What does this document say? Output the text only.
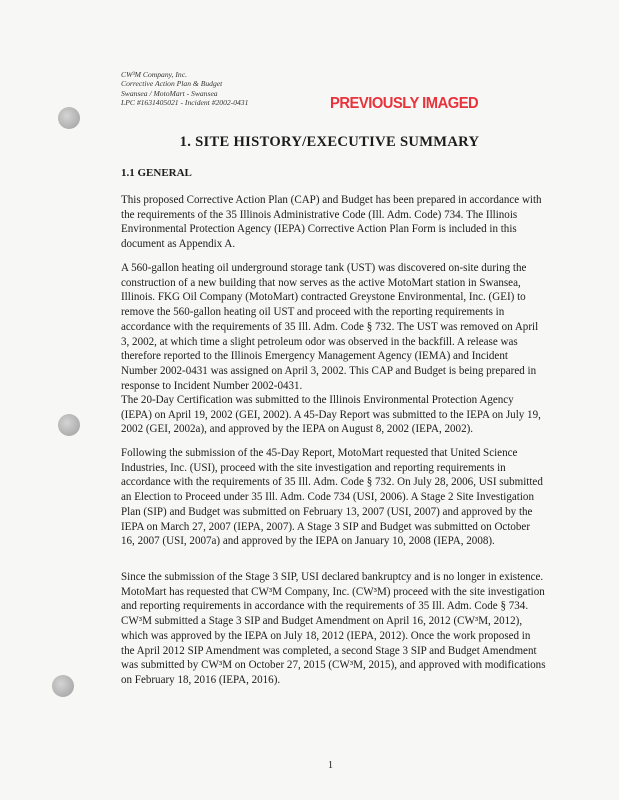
CW³M Company, Inc.
Corrective Action Plan & Budget
Swansea / MotoMart - Swansea
LPC #1631405021 - Incident #2002-0431	PREVIOUSLY IMAGED
1. SITE HISTORY/EXECUTIVE SUMMARY
1.1 GENERAL
This proposed Corrective Action Plan (CAP) and Budget has been prepared in accordance with the requirements of the 35 Illinois Administrative Code (Ill. Adm. Code) 734. The Illinois Environmental Protection Agency (IEPA) Corrective Action Plan Form is included in this document as Appendix A.
A 560-gallon heating oil underground storage tank (UST) was discovered on-site during the construction of a new building that now serves as the active MotoMart station in Swansea, Illinois. FKG Oil Company (MotoMart) contracted Greystone Environmental, Inc. (GEI) to remove the 560-gallon heating oil UST and proceed with the reporting requirements in accordance with the requirements of 35 Ill. Adm. Code § 732. The UST was removed on April 3, 2002, at which time a slight petroleum odor was observed in the backfill. A release was therefore reported to the Illinois Emergency Management Agency (IEMA) and Incident Number 2002-0431 was assigned on April 3, 2002. This CAP and Budget is being prepared in response to Incident Number 2002-0431.
The 20-Day Certification was submitted to the Illinois Environmental Protection Agency (IEPA) on April 19, 2002 (GEI, 2002). A 45-Day Report was submitted to the IEPA on July 19, 2002 (GEI, 2002a), and approved by the IEPA on August 8, 2002 (IEPA, 2002).
Following the submission of the 45-Day Report, MotoMart requested that United Science Industries, Inc. (USI), proceed with the site investigation and reporting requirements in accordance with the requirements of 35 Ill. Adm. Code § 732. On July 28, 2006, USI submitted an Election to Proceed under 35 Ill. Adm. Code 734 (USI, 2006). A Stage 2 Site Investigation Plan (SIP) and Budget was submitted on February 13, 2007 (USI, 2007) and approved by the IEPA on March 27, 2007 (IEPA, 2007). A Stage 3 SIP and Budget was submitted on October 16, 2007 (USI, 2007a) and approved by the IEPA on January 10, 2008 (IEPA, 2008).
Since the submission of the Stage 3 SIP, USI declared bankruptcy and is no longer in existence. MotoMart has requested that CW³M Company, Inc. (CW³M) proceed with the site investigation and reporting requirements in accordance with the requirements of 35 Ill. Adm. Code § 734. CW³M submitted a Stage 3 SIP and Budget Amendment on April 16, 2012 (CW³M, 2012), which was approved by the IEPA on July 18, 2012 (IEPA, 2012). Once the work proposed in the April 2012 SIP Amendment was completed, a second Stage 3 SIP and Budget Amendment was submitted by CW³M on October 27, 2015 (CW³M, 2015), and approved with modifications on February 18, 2016 (IEPA, 2016).
1
